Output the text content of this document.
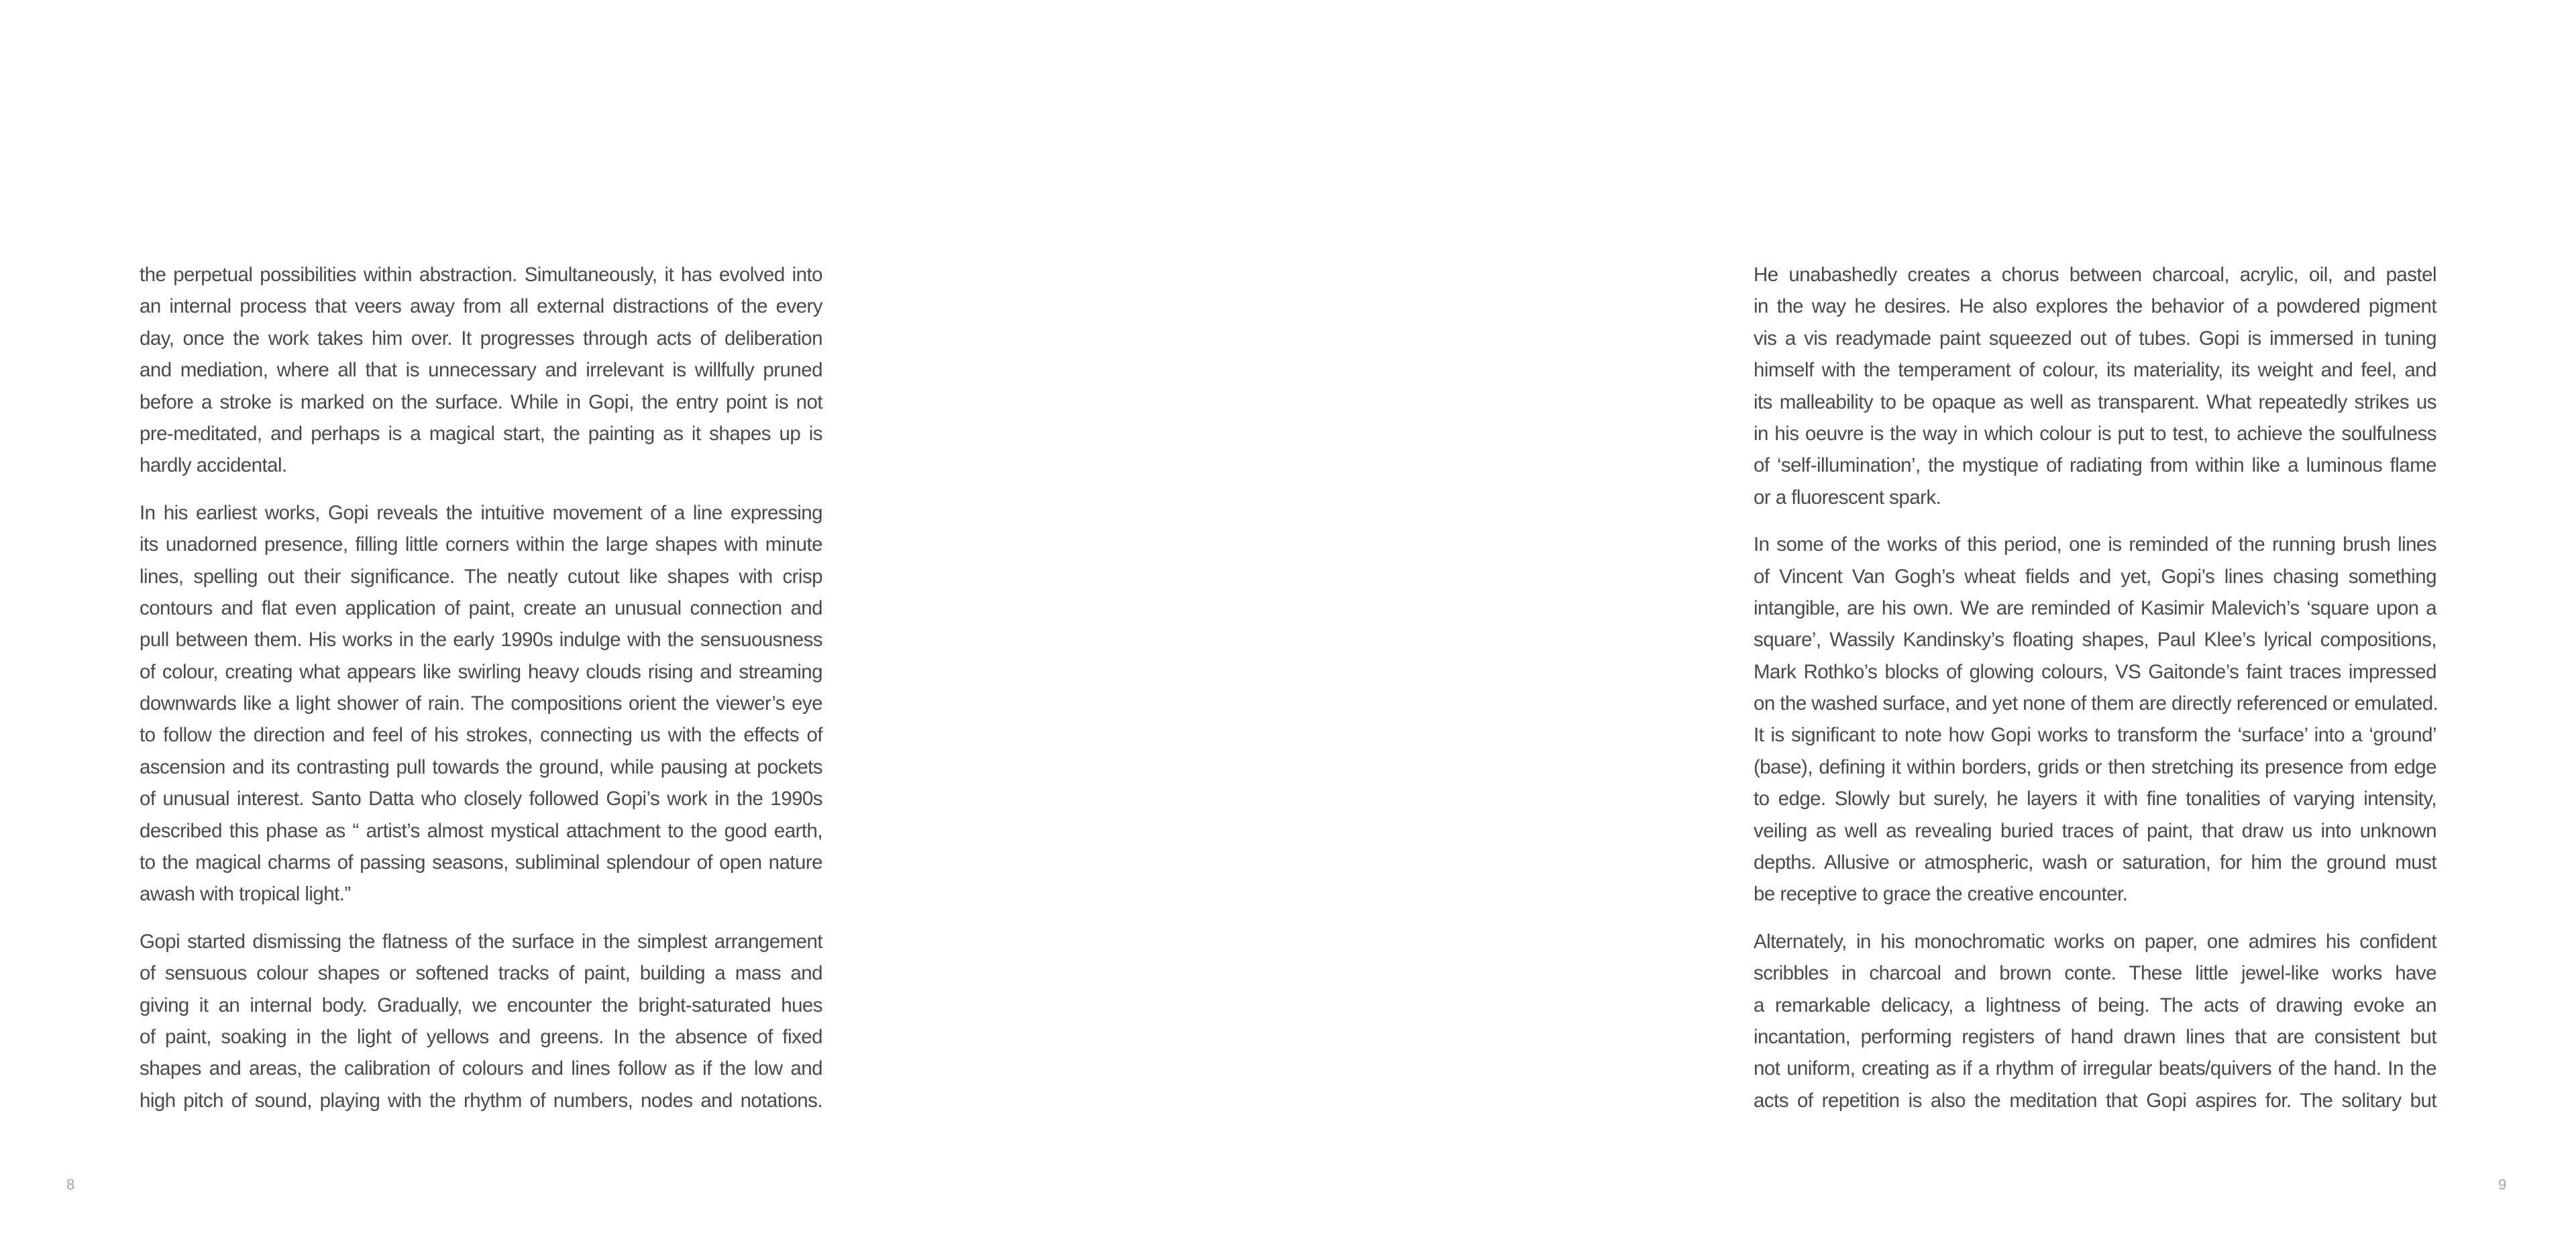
the perpetual possibilities within abstraction. Simultaneously, it has evolved into
an internal process that veers away from all external distractions of the every
day, once the work takes him over. It progresses through acts of deliberation
and mediation, where all that is unnecessary and irrelevant is willfully pruned
before a stroke is marked on the surface. While in Gopi, the entry point is not
pre-meditated, and perhaps is a magical start, the painting as it shapes up is
hardly accidental.

In his earliest works, Gopi reveals the intuitive movement of a line expressing
its unadorned presence, filling little corners within the large shapes with minute
lines, spelling out their significance. The neatly cutout like shapes with crisp
contours and flat even application of paint, create an unusual connection and
pull between them. His works in the early 1990s indulge with the sensuousness
of colour, creating what appears like swirling heavy clouds rising and streaming
downwards like a light shower of rain. The compositions orient the viewer’s eye
to follow the direction and feel of his strokes, connecting us with the effects of
ascension and its contrasting pull towards the ground, while pausing at pockets
of unusual interest. Santo Datta who closely followed Gopi’s work in the 1990s
described this phase as “ artist’s almost mystical attachment to the good earth,
to the magical charms of passing seasons, subliminal splendour of open nature
awash with tropical light.”

Gopi started dismissing the flatness of the surface in the simplest arrangement
of sensuous colour shapes or softened tracks of paint, building a mass and
giving it an internal body. Gradually, we encounter the bright-saturated hues
of paint, soaking in the light of yellows and greens. In the absence of fixed
shapes and areas, the calibration of colours and lines follow as if the low and
high pitch of sound, playing with the rhythm of numbers, nodes and notations.

8

He unabashedly creates a chorus between charcoal, acrylic, oil, and pastel
in the way he desires. He also explores the behavior of a powdered pigment
vis a vis readymade paint squeezed out of tubes. Gopi is immersed in tuning
himself with the temperament of colour, its materiality, its weight and feel, and
its malleability to be opaque as well as transparent. What repeatedly strikes us
in his oeuvre is the way in which colour is put to test, to achieve the soulfulness
of ‘self-illumination’, the mystique of radiating from within like a luminous flame
or a fluorescent spark.

In some of the works of this period, one is reminded of the running brush lines
of Vincent Van Gogh’s wheat fields and yet, Gopi’s lines chasing something
intangible, are his own. We are reminded of Kasimir Malevich’s ‘square upon a
square’, Wassily Kandinsky’s floating shapes, Paul Klee’s lyrical compositions,
Mark Rothko’s blocks of glowing colours, VS Gaitonde’s faint traces impressed
on the washed surface, and yet none of them are directly referenced or emulated.
It is significant to note how Gopi works to transform the ‘surface’ into a ‘ground’
(base), defining it within borders, grids or then stretching its presence from edge
to edge. Slowly but surely, he layers it with fine tonalities of varying intensity,
veiling as well as revealing buried traces of paint, that draw us into unknown
depths. Allusive or atmospheric, wash or saturation, for him the ground must
be receptive to grace the creative encounter.

Alternately, in his monochromatic works on paper, one admires his confident
scribbles in charcoal and brown conte. These little jewel-like works have
a remarkable delicacy, a lightness of being. The acts of drawing evoke an
incantation, performing registers of hand drawn lines that are consistent but
not uniform, creating as if a rhythm of irregular beats/quivers of the hand. In the
acts of repetition is also the meditation that Gopi aspires for. The solitary but

9
